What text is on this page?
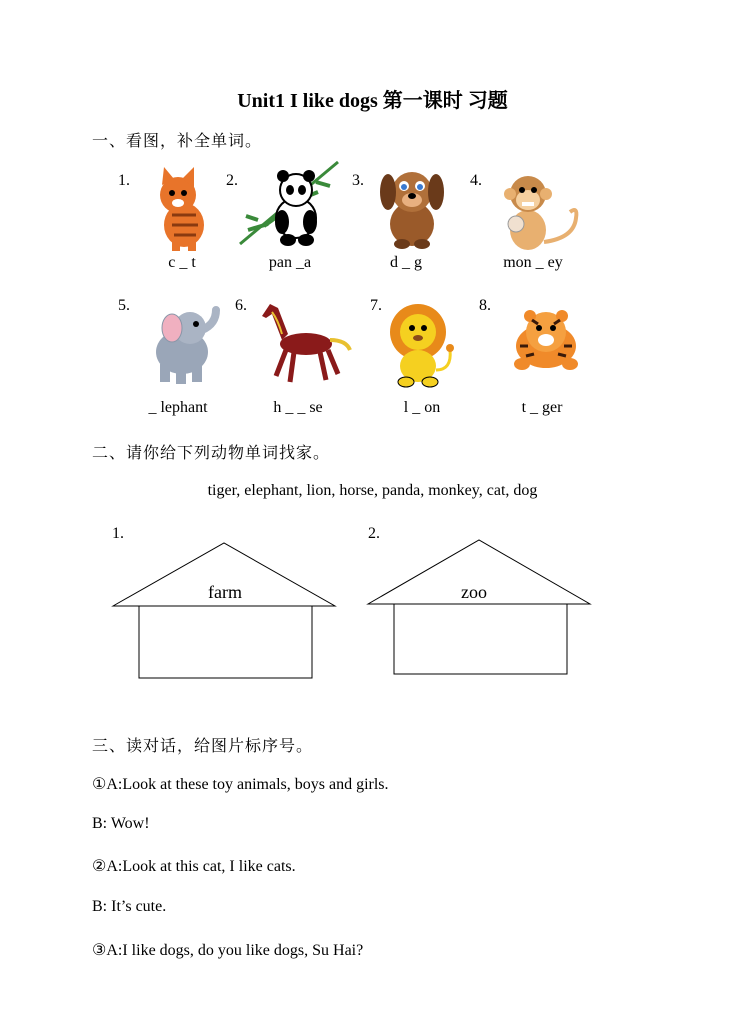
Unit1 I like dogs 第一课时 习题
一、看图，补全单词。
1.	2.	3.	4.
c _ t	pan _a	d _ g	mon _ ey
5.	6.	7.	8.
_ lephant	h _ _ se	l _ on	t _ ger
二、请你给下列动物单词找家。
tiger, elephant, lion, horse, panda, monkey, cat, dog
1.	2.
farm	zoo
三、读对话，给图片标序号。
①A:Look at these toy animals, boys and girls.
B: Wow!
②A:Look at this cat, I like cats.
B: It’s cute.
③A:I like dogs, do you like dogs, Su Hai?
